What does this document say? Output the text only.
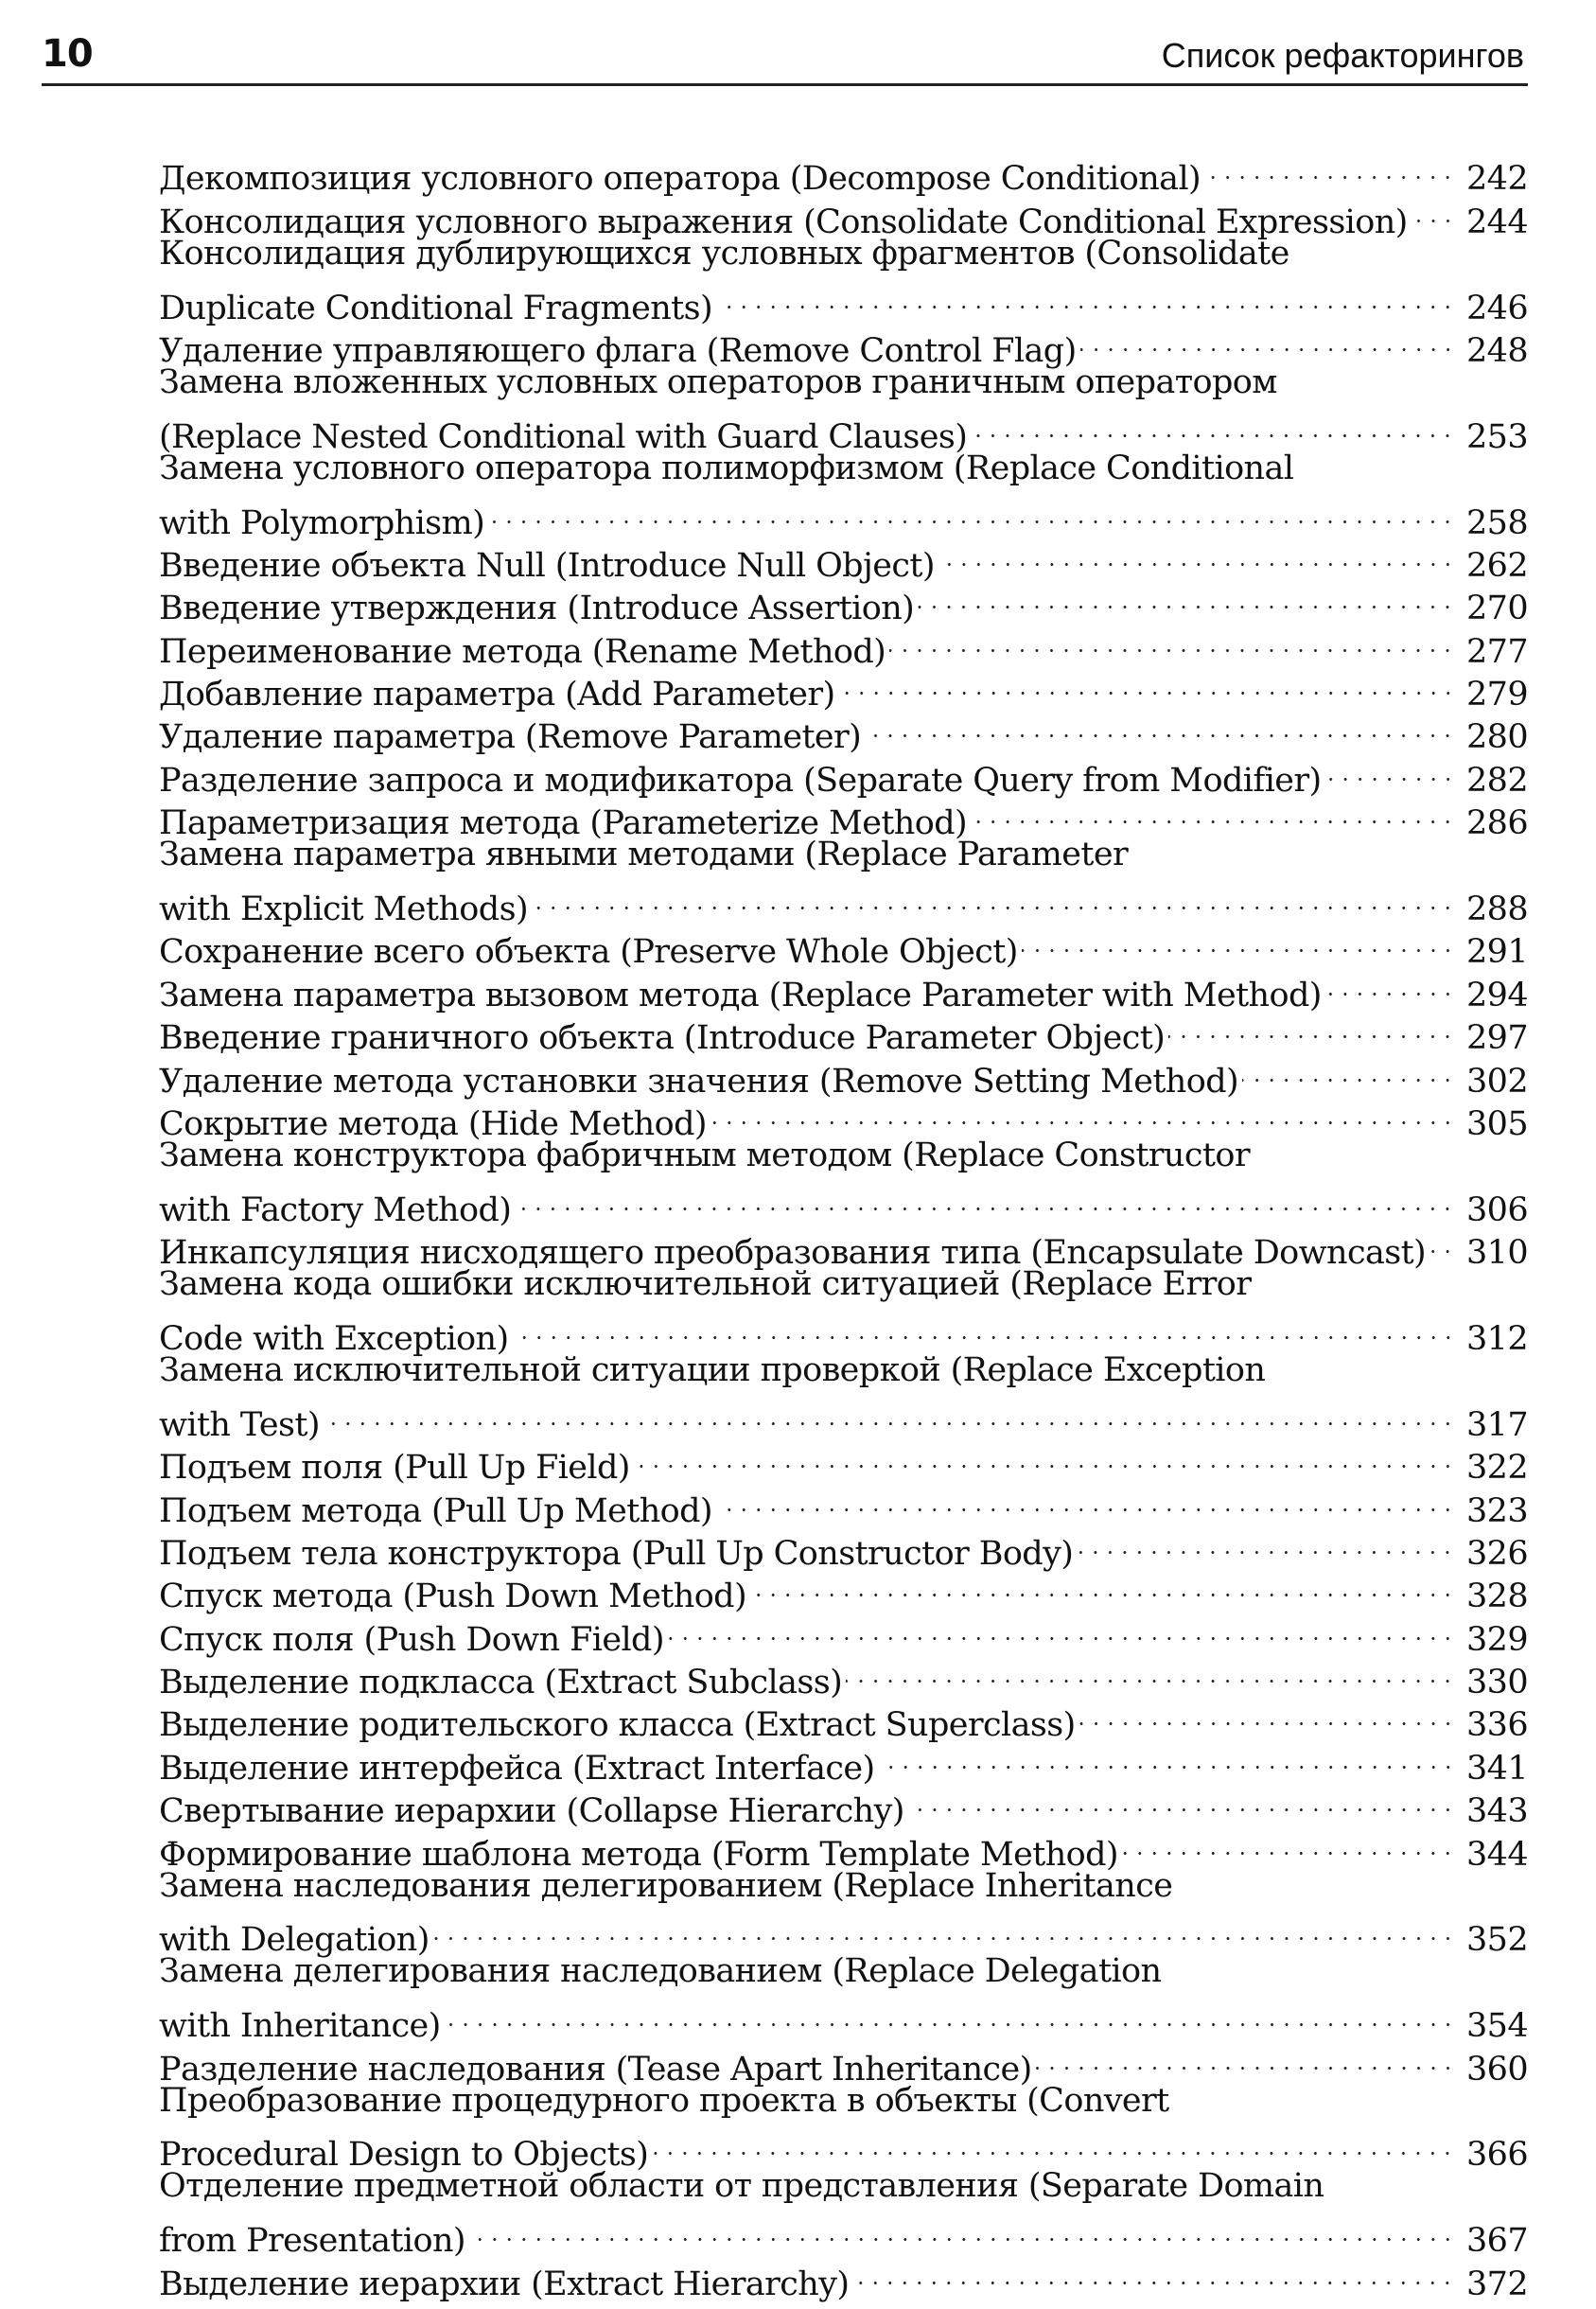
10	Список рефакторингов
Декомпозиция условного оператора (Decompose Conditional)	242
Консолидация условного выражения (Consolidate Conditional Expression) 244
Консолидация дублирующихся условных фрагментов (Consolidate
Duplicate Conditional Fragments)	246
Удаление управляющего флага (Remove Control Flag)	248
Замена вложенных условных операторов граничным оператором
(Replace Nested Conditional with Guard Clauses)	253
Замена условного оператора полиморфизмом (Replace Conditional
with Polymorphism)	258
Введение объекта Null (Introduce Null Object)	262
Введение утверждения (Introduce Assertion)	270
Переименование метода (Rename Method)	277
Добавление параметра (Add Parameter)	279
Удаление параметра (Remove Parameter)	280
Разделение запроса и модификатора (Separate Query from Modifier)	282
Параметризация метода (Parameterize Method)	286
Замена параметра явными методами (Replace Parameter
with Explicit Methods)	288
Сохранение всего объекта (Preserve Whole Object)	291
Замена параметра вызовом метода (Replace Parameter with Method)	294
Введение граничного объекта (Introduce Parameter Object)	297
Удаление метода установки значения (Remove Setting Method)	302
Сокрытие метода (Hide Method)	305
Замена конструктора фабричным методом (Replace Constructor
with Factory Method)	306
Инкапсуляция нисходящего преобразования типа (Encapsulate Downcast) 310
Замена кода ошибки исключительной ситуацией (Replace Error
Code with Exception)	312
Замена исключительной ситуации проверкой (Replace Exception
with Test)	317
Подъем поля (Pull Up Field)	322
Подъем метода (Pull Up Method)	323
Подъем тела конструктора (Pull Up Constructor Body)	326
Спуск метода (Push Down Method)	328
Спуск поля (Push Down Field)	329
Выделение подкласса (Extract Subclass)	330
Выделение родительского класса (Extract Superclass)	336
Выделение интерфейса (Extract Interface)	341
Свертывание иерархии (Collapse Hierarchy)	343
Формирование шаблона метода (Form Template Method)	344
Замена наследования делегированием (Replace Inheritance
with Delegation)	352
Замена делегирования наследованием (Replace Delegation
with Inheritance)	354
Разделение наследования (Tease Apart Inheritance)	360
Преобразование процедурного проекта в объекты (Convert
Procedural Design to Objects)	366
Отделение предметной области от представления (Separate Domain
from Presentation)	367
Выделение иерархии (Extract Hierarchy)	372
